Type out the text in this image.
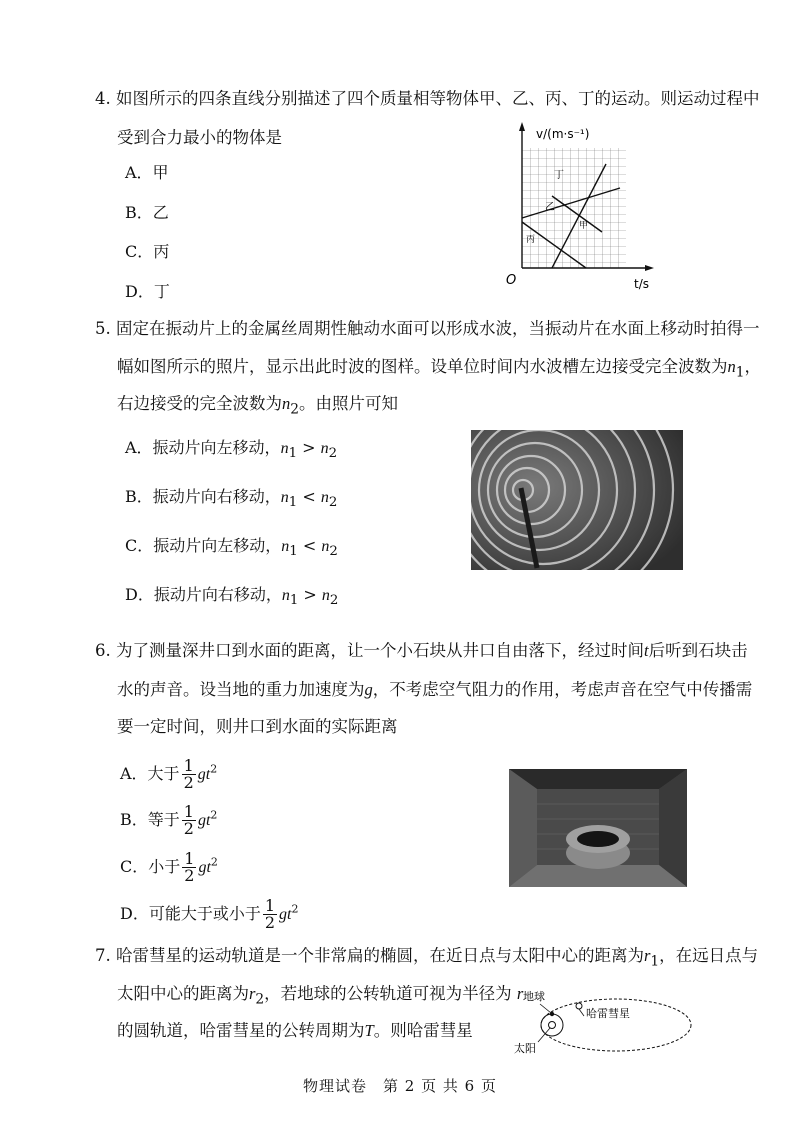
4. 如图所示的四条直线分别描述了四个质量相等物体甲、乙、丙、丁的运动。则运动过程中
受到合力最小的物体是
A．甲
B．乙
C．丙
D．丁
v/(m·s⁻¹)
O	t/s
丁
乙
甲
丙
5. 固定在振动片上的金属丝周期性触动水面可以形成水波，当振动片在水面上移动时拍得一
幅如图所示的照片，显示出此时波的图样。设单位时间内水波槽左边接受完全波数为$n_1$，
右边接受的完全波数为$n_2$。由照片可知
A．振动片向左移动，$n_1 > n_2$
B．振动片向右移动，$n_1 < n_2$
C．振动片向左移动，$n_1 < n_2$
D．振动片向右移动，$n_1 > n_2$
6. 为了测量深井口到水面的距离，让一个小石块从井口自由落下，经过时间t后听到石块击
水的声音。设当地的重力加速度为g，不考虑空气阻力的作用，考虑声音在空气中传播需
要一定时间，则井口到水面的实际距离
A．大于 $\frac{1}{2} gt^2$
B．等于 $\frac{1}{2} gt^2$
C．小于 $\frac{1}{2} gt^2$
D．可能大于或小于 $\frac{1}{2} gt^2$
7. 哈雷彗星的运动轨道是一个非常扁的椭圆，在近日点与太阳中心的距离为$r_1$，在远日点与
太阳中心的距离为$r_2$，若地球的公转轨道可视为半径为 r
的圆轨道，哈雷彗星的公转周期为T。则哈雷彗星
地球
哈雷彗星
太阳
物理试卷　第 2 页 共 6 页
